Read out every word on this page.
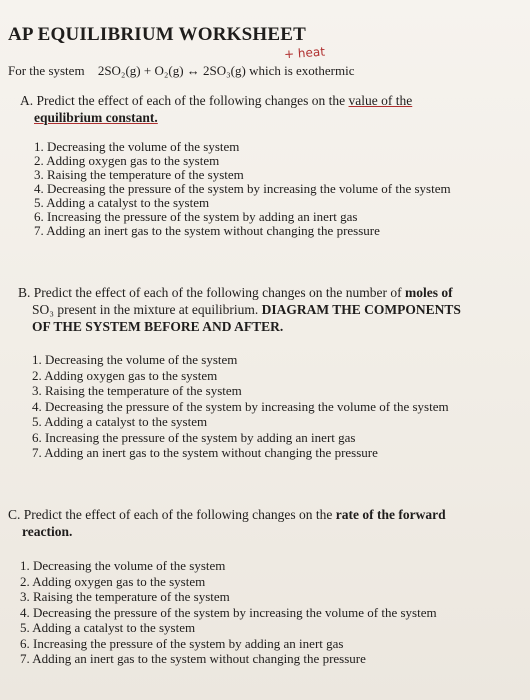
AP EQUILIBRIUM WORKSHEET
+ heat
For the system 2SO₂(g) + O₂(g) ↔ 2SO₃(g) which is exothermic
A. Predict the effect of each of the following changes on the value of the
equilibrium constant.
1. Decreasing the volume of the system
2. Adding oxygen gas to the system
3. Raising the temperature of the system
4. Decreasing the pressure of the system by increasing the volume of the system
5. Adding a catalyst to the system
6. Increasing the pressure of the system by adding an inert gas
7. Adding an inert gas to the system without changing the pressure
B. Predict the effect of each of the following changes on the number of moles of
SO₃ present in the mixture at equilibrium. DIAGRAM THE COMPONENTS
OF THE SYSTEM BEFORE AND AFTER.
1. Decreasing the volume of the system
2. Adding oxygen gas to the system
3. Raising the temperature of the system
4. Decreasing the pressure of the system by increasing the volume of the system
5. Adding a catalyst to the system
6. Increasing the pressure of the system by adding an inert gas
7. Adding an inert gas to the system without changing the pressure
C. Predict the effect of each of the following changes on the rate of the forward
reaction.
1. Decreasing the volume of the system
2. Adding oxygen gas to the system
3. Raising the temperature of the system
4. Decreasing the pressure of the system by increasing the volume of the system
5. Adding a catalyst to the system
6. Increasing the pressure of the system by adding an inert gas
7. Adding an inert gas to the system without changing the pressure
